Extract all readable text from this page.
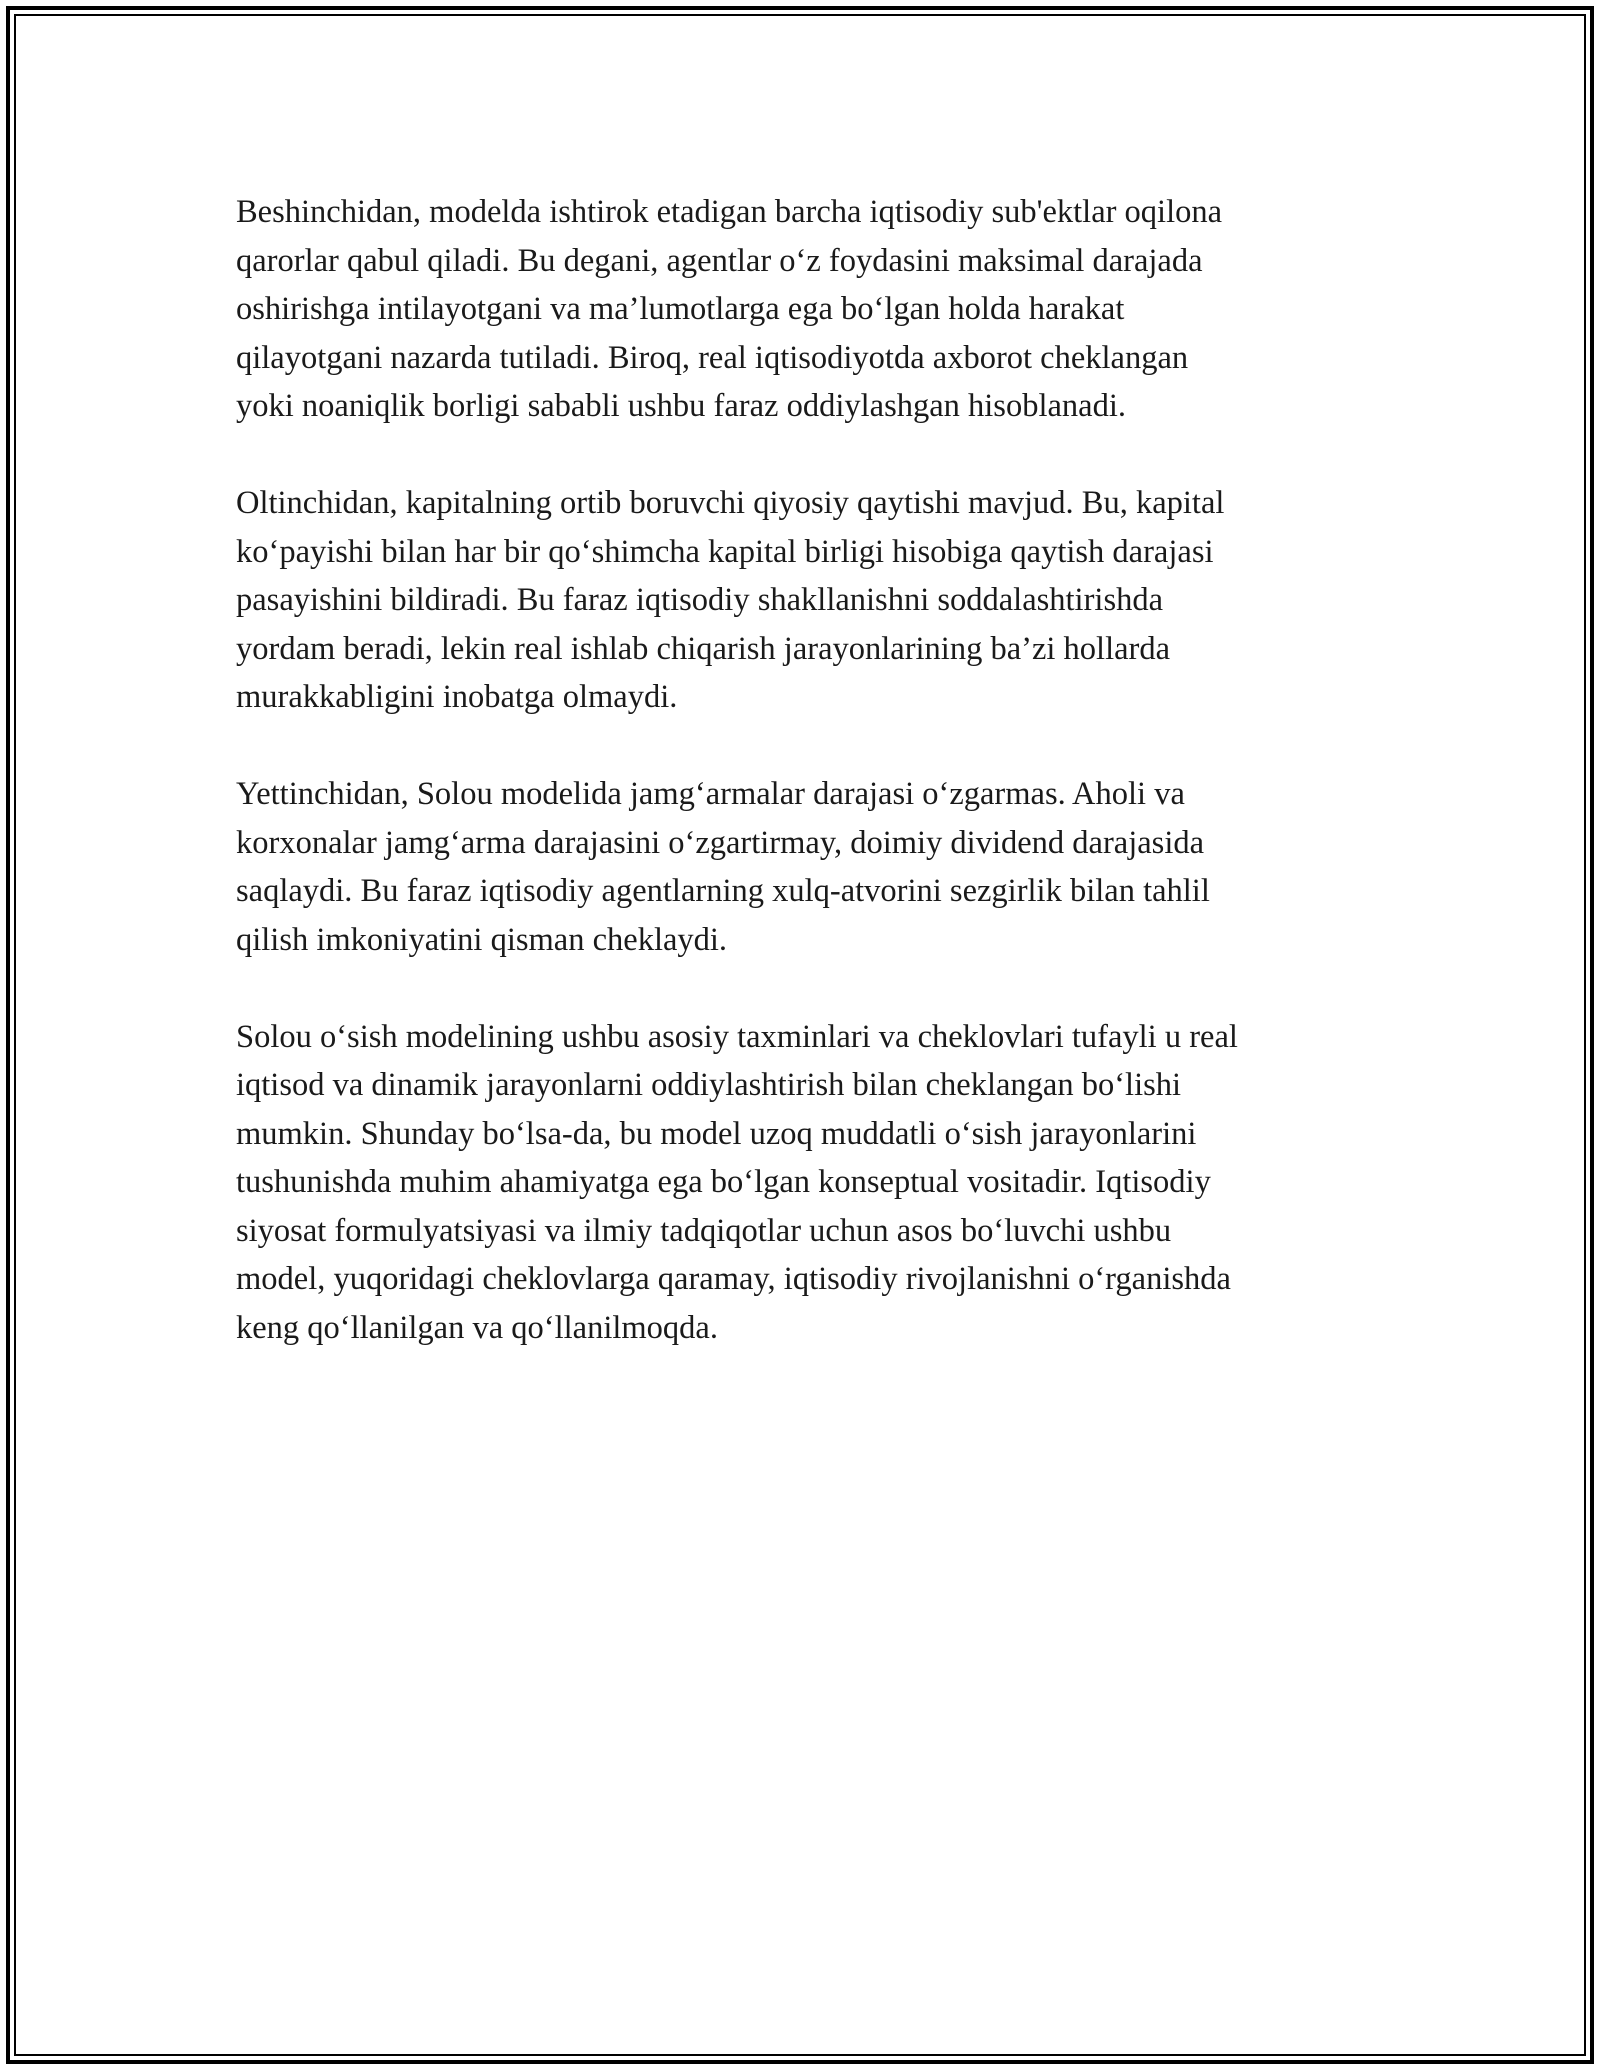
Beshinchidan, modelda ishtirok etadigan barcha iqtisodiy sub'ektlar oqilona
qarorlar qabul qiladi. Bu degani, agentlar o‘z foydasini maksimal darajada
oshirishga intilayotgani va ma’lumotlarga ega bo‘lgan holda harakat
qilayotgani nazarda tutiladi. Biroq, real iqtisodiyotda axborot cheklangan
yoki noaniqlik borligi sababli ushbu faraz oddiylashgan hisoblanadi.

Oltinchidan, kapitalning ortib boruvchi qiyosiy qaytishi mavjud. Bu, kapital
ko‘payishi bilan har bir qo‘shimcha kapital birligi hisobiga qaytish darajasi
pasayishini bildiradi. Bu faraz iqtisodiy shakllanishni soddalashtirishda
yordam beradi, lekin real ishlab chiqarish jarayonlarining ba’zi hollarda
murakkabligini inobatga olmaydi.

Yettinchidan, Solou modelida jamg‘armalar darajasi o‘zgarmas. Aholi va
korxonalar jamg‘arma darajasini o‘zgartirmay, doimiy dividend darajasida
saqlaydi. Bu faraz iqtisodiy agentlarning xulq-atvorini sezgirlik bilan tahlil
qilish imkoniyatini qisman cheklaydi.

Solou o‘sish modelining ushbu asosiy taxminlari va cheklovlari tufayli u real
iqtisod va dinamik jarayonlarni oddiylashtirish bilan cheklangan bo‘lishi
mumkin. Shunday bo‘lsa-da, bu model uzoq muddatli o‘sish jarayonlarini
tushunishda muhim ahamiyatga ega bo‘lgan konseptual vositadir. Iqtisodiy
siyosat formulyatsiyasi va ilmiy tadqiqotlar uchun asos bo‘luvchi ushbu
model, yuqoridagi cheklovlarga qaramay, iqtisodiy rivojlanishni o‘rganishda
keng qo‘llanilgan va qo‘llanilmoqda.
